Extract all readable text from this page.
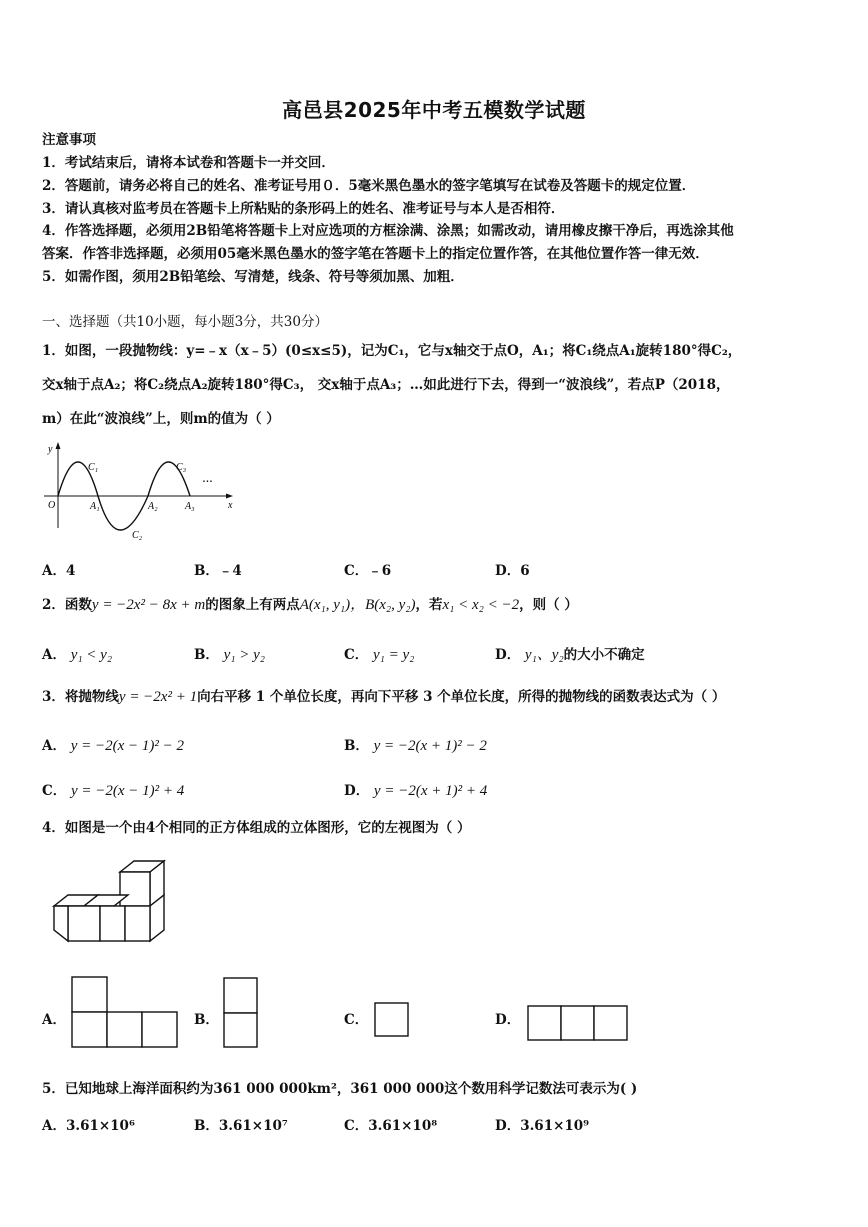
高邑县2025年中考五模数学试题
注意事项
1．考试结束后，请将本试卷和答题卡一并交回．
2．答题前，请务必将自己的姓名、准考证号用０．5毫米黑色墨水的签字笔填写在试卷及答题卡的规定位置．
3．请认真核对监考员在答题卡上所粘贴的条形码上的姓名、准考证号与本人是否相符．
4．作答选择题，必须用2B铅笔将答题卡上对应选项的方框涂满、涂黑；如需改动，请用橡皮擦干净后，再选涂其他
答案．作答非选择题，必须用05毫米黑色墨水的签字笔在答题卡上的指定位置作答，在其他位置作答一律无效．
5．如需作图，须用2B铅笔绘、写清楚，线条、符号等须加黑、加粗．
一、选择题（共10小题，每小题3分，共30分）
1．如图，一段抛物线：y=﹣x（x﹣5）(0≤x≤5)，记为C₁，它与x轴交于点O，A₁；将C₁绕点A₁旋转180°得C₂，
交x轴于点A₂；将C₂绕点A₂旋转180°得C₃， 交x轴于点A₃；…如此进行下去，得到一“波浪线”，若点P（2018，
m）在此“波浪线”上，则m的值为（ ）
y
x
O	A₁	A₂	A₃
C₁
C₂
C₃
···
A．4	B．﹣4	C．﹣6	D．6
2．函数y = −2x² − 8x + m的图象上有两点A(x₁, y₁)，B(x₂, y₂)，若x₁ < x₂ < −2，则（ ）
A． y₁ < y₂	B． y₁ > y₂	C． y₁ = y₂	D． y₁、y₂的大小不确定
3．将抛物线y = −2x² + 1向右平移 1 个单位长度，再向下平移 3 个单位长度，所得的抛物线的函数表达式为（ ）
A． y = −2(x − 1)² − 2	B． y = −2(x + 1)² − 2
C． y = −2(x − 1)² + 4	D． y = −2(x + 1)² + 4
4．如图是一个由4个相同的正方体组成的立体图形，它的左视图为（ ）
A．	B．	C．	D．
5．已知地球上海洋面积约为361 000 000km²，361 000 000这个数用科学记数法可表示为( )
A．3.61×10⁶	B．3.61×10⁷	C．3.61×10⁸	D．3.61×10⁹
